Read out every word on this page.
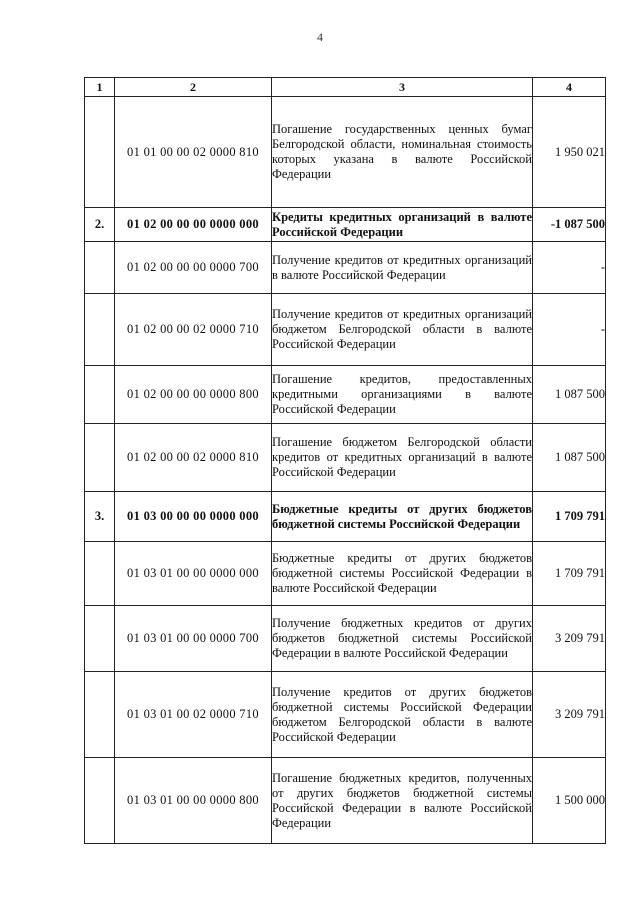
4
1	2	3	4
	01 01 00 00 02 0000 810	Погашение государственных ценных бумаг Белгородской области, номинальная стоимость которых указана в валюте Российской Федерации	1 950 021
2.	01 02 00 00 00 0000 000	Кредиты кредитных организаций в валюте Российской Федерации	-1 087 500
	01 02 00 00 00 0000 700	Получение кредитов от кредитных организаций в валюте Российской Федерации	-
	01 02 00 00 02 0000 710	Получение кредитов от кредитных организаций бюджетом Белгородской области в валюте Российской Федерации	-
	01 02 00 00 00 0000 800	Погашение кредитов, предоставленных кредитными организациями в валюте Российской Федерации	1 087 500
	01 02 00 00 02 0000 810	Погашение бюджетом Белгородской области кредитов от кредитных организаций в валюте Российской Федерации	1 087 500
3.	01 03 00 00 00 0000 000	Бюджетные кредиты от других бюджетов бюджетной системы Российской Федерации	1 709 791
	01 03 01 00 00 0000 000	Бюджетные кредиты от других бюджетов бюджетной системы Российской Федерации в валюте Российской Федерации	1 709 791
	01 03 01 00 00 0000 700	Получение бюджетных кредитов от других бюджетов бюджетной системы Российской Федерации в валюте Российской Федерации	3 209 791
	01 03 01 00 02 0000 710	Получение кредитов от других бюджетов бюджетной системы Российской Федерации бюджетом Белгородской области в валюте Российской Федерации	3 209 791
	01 03 01 00 00 0000 800	Погашение бюджетных кредитов, полученных от других бюджетов бюджетной системы Российской Федерации в валюте Российской Федерации	1 500 000
